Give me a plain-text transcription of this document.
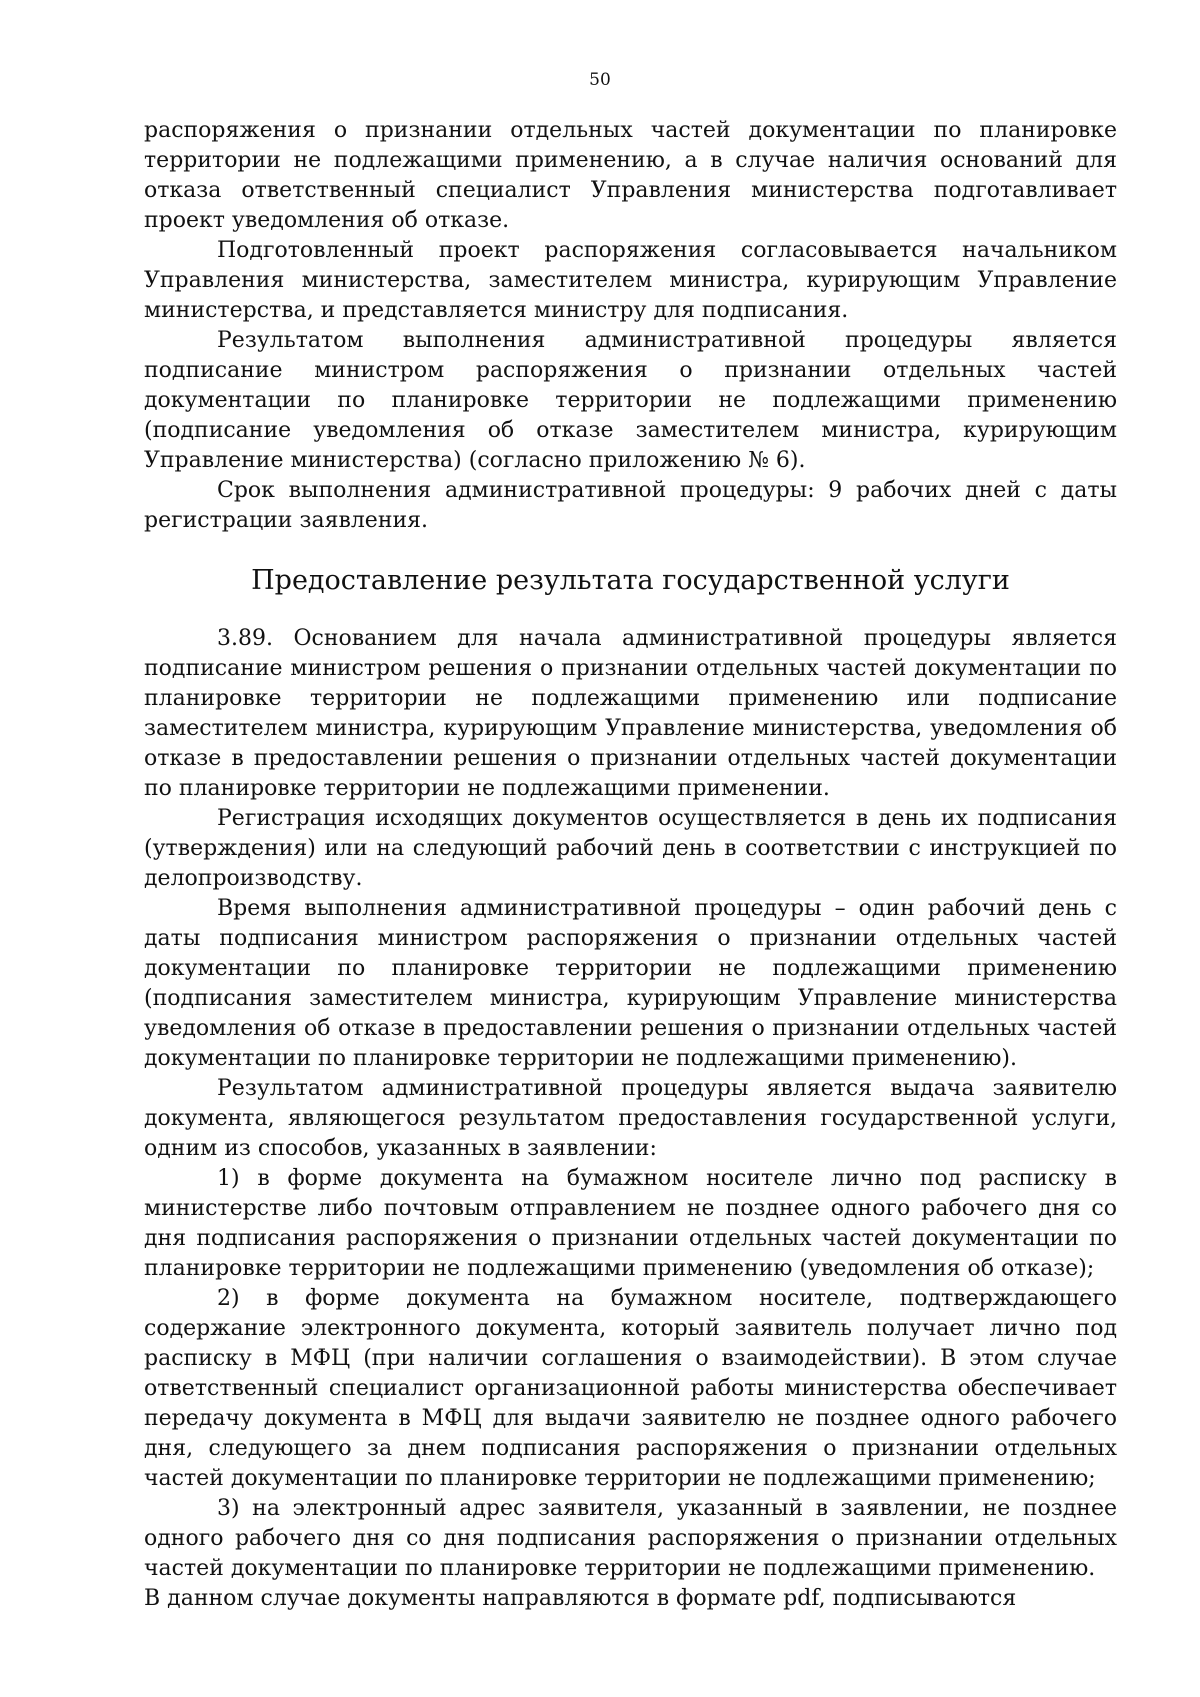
50

распоряжения о признании отдельных частей документации по планировке территории не подлежащими применению, а в случае наличия оснований для отказа ответственный специалист Управления министерства подготавливает проект уведомления об отказе.

Подготовленный проект распоряжения согласовывается начальником Управления министерства, заместителем министра, курирующим Управление министерства, и представляется министру для подписания.

Результатом выполнения административной процедуры является подписание министром распоряжения о признании отдельных частей документации по планировке территории не подлежащими применению (подписание уведомления об отказе заместителем министра, курирующим Управление министерства) (согласно приложению № 6).

Срок выполнения административной процедуры: 9 рабочих дней с даты регистрации заявления.

Предоставление результата государственной услуги

3.89. Основанием для начала административной процедуры является подписание министром решения о признании отдельных частей документации по планировке территории не подлежащими применению или подписание заместителем министра, курирующим Управление министерства, уведомления об отказе в предоставлении решения о признании отдельных частей документации по планировке территории не подлежащими применении.

Регистрация исходящих документов осуществляется в день их подписания (утверждения) или на следующий рабочий день в соответствии с инструкцией по делопроизводству.

Время выполнения административной процедуры – один рабочий день с даты подписания министром распоряжения о признании отдельных частей документации по планировке территории не подлежащими применению (подписания заместителем министра, курирующим Управление министерства уведомления об отказе в предоставлении решения о признании отдельных частей документации по планировке территории не подлежащими применению).

Результатом административной процедуры является выдача заявителю документа, являющегося результатом предоставления государственной услуги, одним из способов, указанных в заявлении:

1) в форме документа на бумажном носителе лично под расписку в министерстве либо почтовым отправлением не позднее одного рабочего дня со дня подписания распоряжения о признании отдельных частей документации по планировке территории не подлежащими применению (уведомления об отказе);

2) в форме документа на бумажном носителе, подтверждающего содержание электронного документа, который заявитель получает лично под расписку в МФЦ (при наличии соглашения о взаимодействии). В этом случае ответственный специалист организационной работы министерства обеспечивает передачу документа в МФЦ для выдачи заявителю не позднее одного рабочего дня, следующего за днем подписания распоряжения о признании отдельных частей документации по планировке территории не подлежащими применению;

3) на электронный адрес заявителя, указанный в заявлении, не позднее одного рабочего дня со дня подписания распоряжения о признании отдельных частей документации по планировке территории не подлежащими применению.

В данном случае документы направляются в формате pdf, подписываются
